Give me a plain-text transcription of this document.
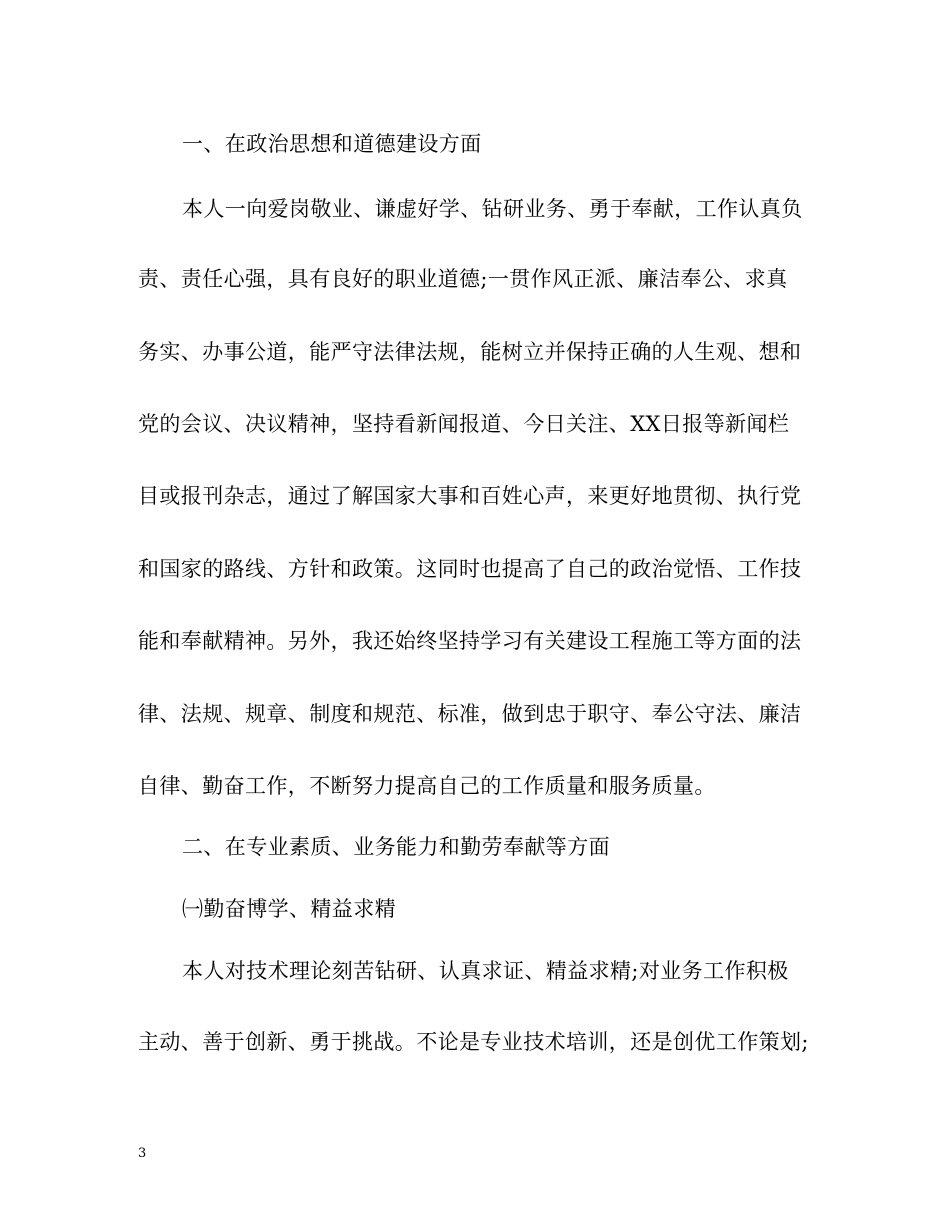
一、在政治思想和道德建设方面
本人一向爱岗敬业、谦虚好学、钻研业务、勇于奉献，工作认真负
责、责任心强，具有良好的职业道德;一贯作风正派、廉洁奉公、求真
务实、办事公道，能严守法律法规，能树立并保持正确的人生观、想和
党的会议、决议精神，坚持看新闻报道、今日关注、XX日报等新闻栏
目或报刊杂志，通过了解国家大事和百姓心声，来更好地贯彻、执行党
和国家的路线、方针和政策。这同时也提高了自己的政治觉悟、工作技
能和奉献精神。另外，我还始终坚持学习有关建设工程施工等方面的法
律、法规、规章、制度和规范、标准，做到忠于职守、奉公守法、廉洁
自律、勤奋工作，不断努力提高自己的工作质量和服务质量。
二、在专业素质、业务能力和勤劳奉献等方面
㈠勤奋博学、精益求精
本人对技术理论刻苦钻研、认真求证、精益求精;对业务工作积极
主动、善于创新、勇于挑战。不论是专业技术培训，还是创优工作策划;
3
